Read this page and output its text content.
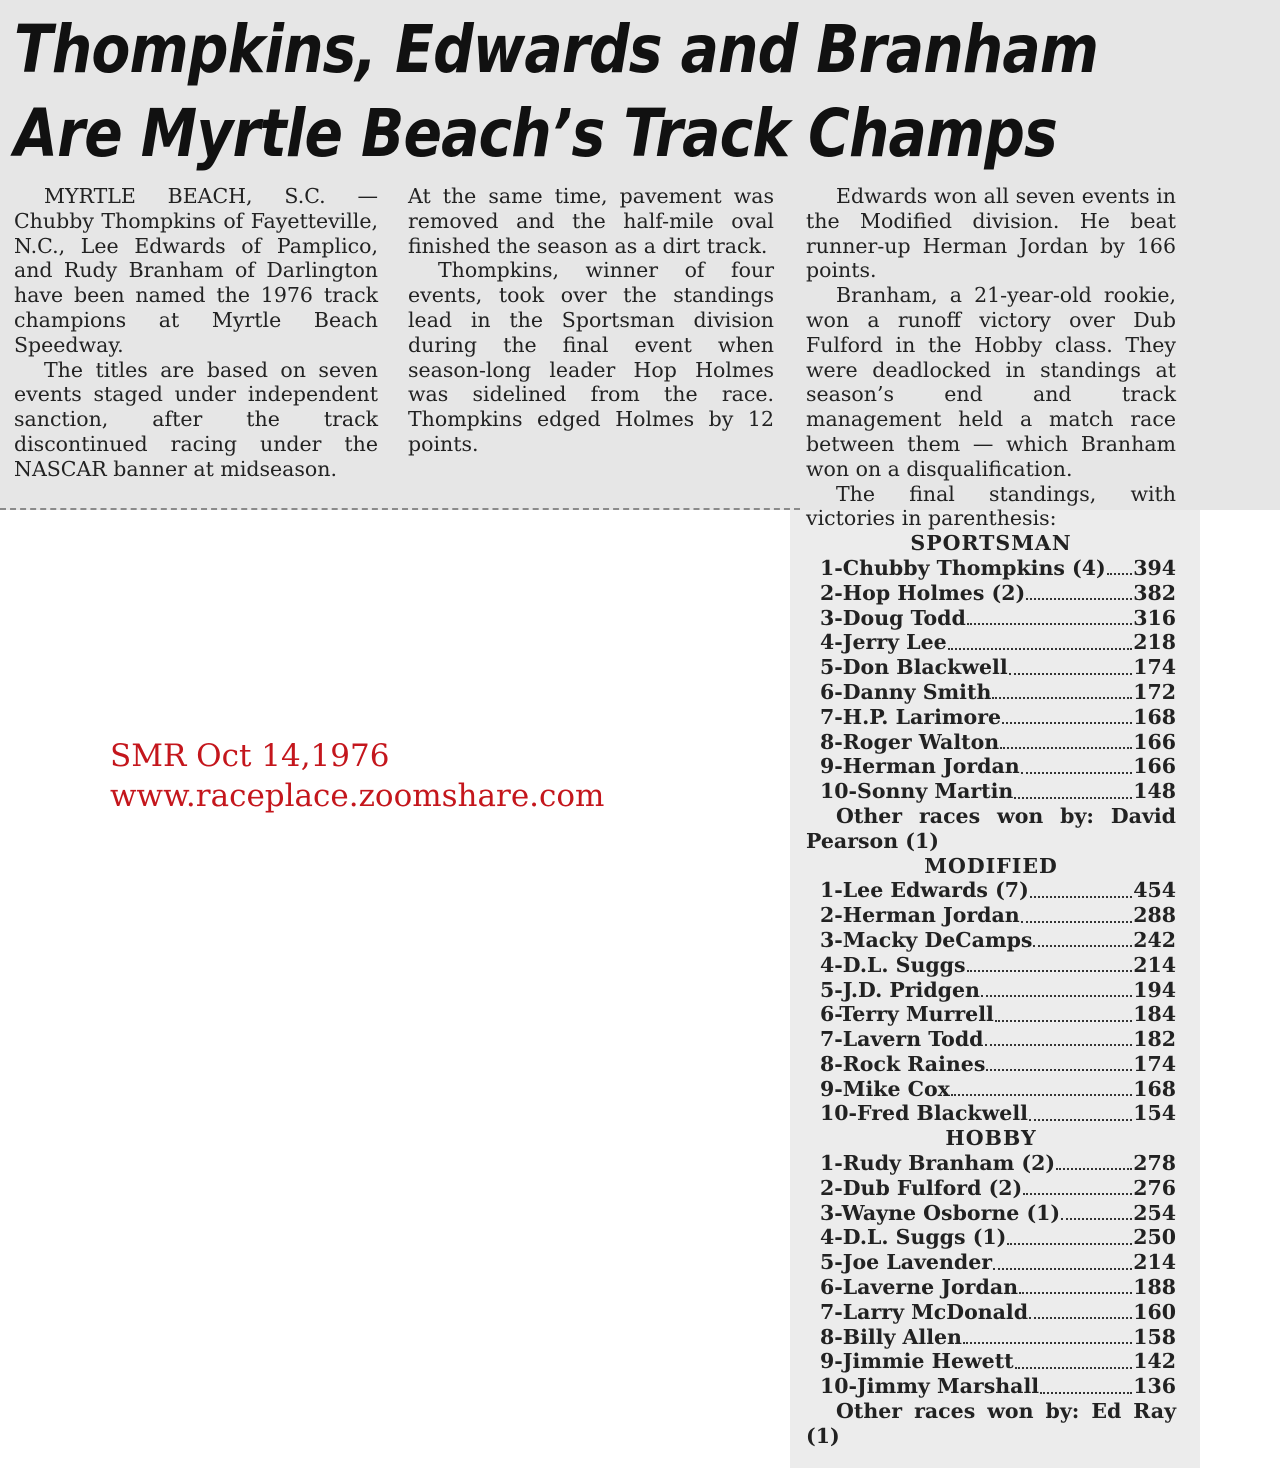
Thompkins, Edwards and Branham
Are Myrtle Beach’s Track Champs

MYRTLE BEACH, S.C. — Chubby Thompkins of Fayetteville, N.C., Lee Edwards of Pamplico, and Rudy Branham of Darlington have been named the 1976 track champions at Myrtle Beach Speedway.

The titles are based on seven events staged under independent sanction, after the track discontinued racing under the NASCAR banner at midseason.

At the same time, pavement was removed and the half-mile oval finished the season as a dirt track.

Thompkins, winner of four events, took over the standings lead in the Sportsman division during the final event when season-long leader Hop Holmes was sidelined from the race. Thompkins edged Holmes by 12 points.

Edwards won all seven events in the Modified division. He beat runner-up Herman Jordan by 166 points.

Branham, a 21-year-old rookie, won a runoff victory over Dub Fulford in the Hobby class. They were deadlocked in standings at season’s end and track management held a match race between them — which Branham won on a disqualification.

The final standings, with victories in parenthesis:

SPORTSMAN
1-Chubby Thompkins (4) 394
2-Hop Holmes (2)	382
3-Doug Todd	316
4-Jerry Lee	218
5-Don Blackwell	174
6-Danny Smith	172
7-H.P. Larimore	168
8-Roger Walton	166
9-Herman Jordan	166
10-Sonny Martin	148

Other races won by: David Pearson (1)

MODIFIED
1-Lee Edwards (7)	454
2-Herman Jordan	288
3-Macky DeCamps	242
4-D.L. Suggs	214
5-J.D. Pridgen	194
6-Terry Murrell	184
7-Lavern Todd	182
8-Rock Raines	174
9-Mike Cox	168
10-Fred Blackwell	154
HOBBY
1-Rudy Branham (2)	278
2-Dub Fulford (2)	276
3-Wayne Osborne (1)	254
4-D.L. Suggs (1)	250
5-Joe Lavender	214
6-Laverne Jordan	188
7-Larry McDonald	160
8-Billy Allen	158
9-Jimmie Hewett	142
10-Jimmy Marshall	136

Other races won by: Ed Ray (1)

SMR Oct 14,1976
www.raceplace.zoomshare.com
